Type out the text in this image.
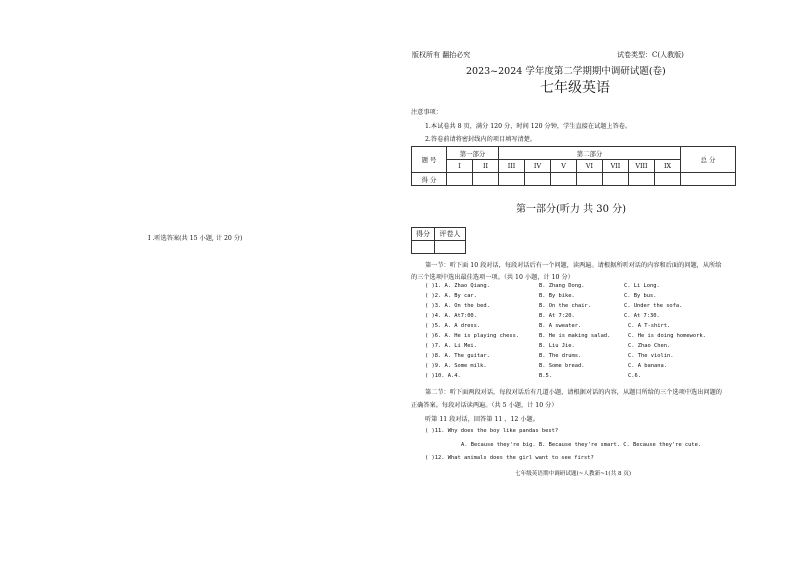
版权所有 翻抬必究	试卷类型：C(人教版)
2023~2024 学年度第二学期期中调研试题(卷)
七年级英语
注意事项：
1.本试卷共 8 页，满分 120 分，时间 120 分钟，学生直接在试题上答卷。
2.答卷前请将密封线内的项目填写清楚。
题 号	第一部分		第二部分							总 分
	I	II	III	IV	V	VI	VII	VIII	IX	
得 分										
第一部分(听力 共 30 分)
I .听选答案(共 15 小题, 计 20 分)
得分	评卷人

第一节：听下面 10 段对话，每段对话后有一个问题，读两遍。请根据所听对话的内容和后面的问题，从所给
的三个选项中选出最佳选项一项。（共 10 小题，计 10 分）
( )1. A. Zhao Qiang.	B. Zhang Dong.	C. Li Long.
( )2. A. By car.	B. By bike.	C. By bus.
( )3. A. On the bed.	B. On the chair.	C. Under the sofa.
( )4. A. At7:00.	B. At 7:20.	C. At 7:30.
( )5. A. A dress.	B. A sweater.	C. A T-shirt.
( )6. A. He is playing chess.	B. He is making salad.	C. He is doing homework.
( )7. A. Li Mei.	B. Liu Jie.	C. Zhao Chen.
( )8. A. The guitar.	B. The drums.	C. The violin.
( )9. A. Some milk.	B. Some bread.	C. A banana.
( )10. A.4.	B.5.	C.6.
第二节：听下面两段对话，每段对话后有几道小题，请根据对话的内容，从题目所给的三个选项中选出问题的
正确答案。每段对话读两遍。（共 5 小题，计 10 分）
听第 11 段对话，回答第 11 、12 小题。
( )11. Why does the boy like pandas best?
A. Because they're big. B. Because they're smart. C. Because they're cute.
( )12. What animals does the girl want to see first?
七年级英语期中调研试题(~人教新~1(共 8 页)
